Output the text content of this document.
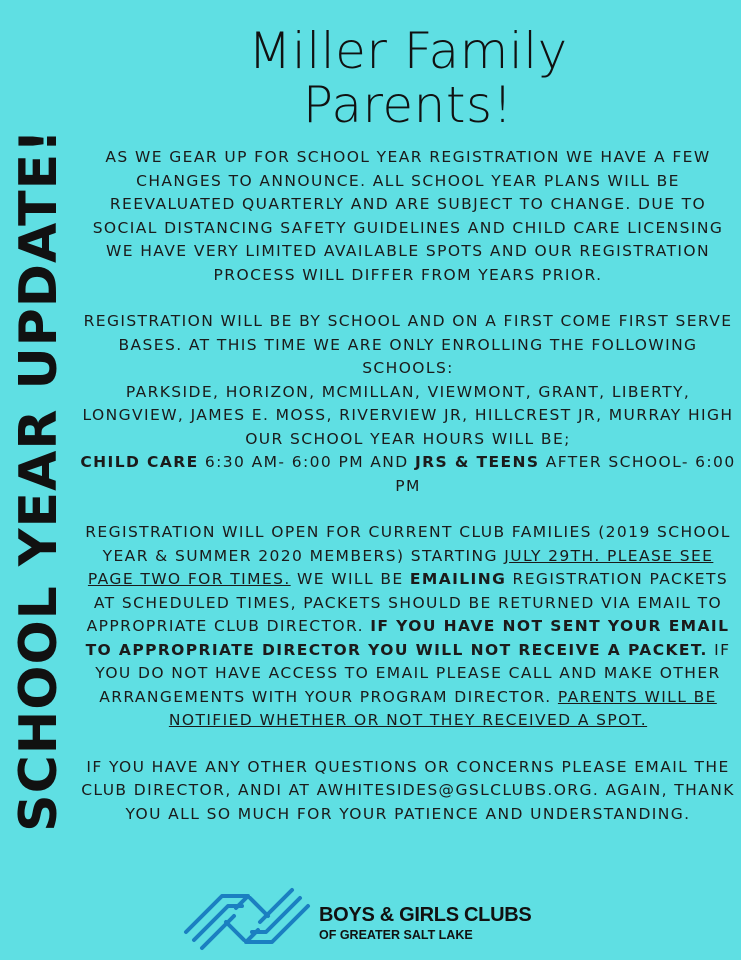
SCHOOL YEAR UPDATE!
Miller Family
Parents!

AS WE GEAR UP FOR SCHOOL YEAR REGISTRATION WE HAVE A FEW CHANGES TO ANNOUNCE. ALL SCHOOL YEAR PLANS WILL BE REEVALUATED QUARTERLY AND ARE SUBJECT TO CHANGE. DUE TO SOCIAL DISTANCING SAFETY GUIDELINES AND CHILD CARE LICENSING WE HAVE VERY LIMITED AVAILABLE SPOTS AND OUR REGISTRATION PROCESS WILL DIFFER FROM YEARS PRIOR.

REGISTRATION WILL BE BY SCHOOL AND ON A FIRST COME FIRST SERVE BASES. AT THIS TIME WE ARE ONLY ENROLLING THE FOLLOWING SCHOOLS:

PARKSIDE, HORIZON, MCMILLAN, VIEWMONT, GRANT, LIBERTY, LONGVIEW, JAMES E. MOSS, RIVERVIEW JR, HILLCREST JR, MURRAY HIGH

OUR SCHOOL YEAR HOURS WILL BE;

CHILD CARE 6:30 AM- 6:00 PM AND JRS & TEENS AFTER SCHOOL- 6:00 PM

REGISTRATION WILL OPEN FOR CURRENT CLUB FAMILIES (2019 SCHOOL YEAR & SUMMER 2020 MEMBERS) STARTING JULY 29TH. PLEASE SEE PAGE TWO FOR TIMES. WE WILL BE EMAILING REGISTRATION PACKETS AT SCHEDULED TIMES, PACKETS SHOULD BE RETURNED VIA EMAIL TO APPROPRIATE CLUB DIRECTOR. IF YOU HAVE NOT SENT YOUR EMAIL TO APPROPRIATE DIRECTOR YOU WILL NOT RECEIVE A PACKET. IF YOU DO NOT HAVE ACCESS TO EMAIL PLEASE CALL AND MAKE OTHER ARRANGEMENTS WITH YOUR PROGRAM DIRECTOR. PARENTS WILL BE NOTIFIED WHETHER OR NOT THEY RECEIVED A SPOT.

IF YOU HAVE ANY OTHER QUESTIONS OR CONCERNS PLEASE EMAIL THE CLUB DIRECTOR, ANDI AT AWHITESIDES@GSLCLUBS.ORG. AGAIN, THANK YOU ALL SO MUCH FOR YOUR PATIENCE AND UNDERSTANDING.

BOYS & GIRLS CLUBS
OF GREATER SALT LAKE
